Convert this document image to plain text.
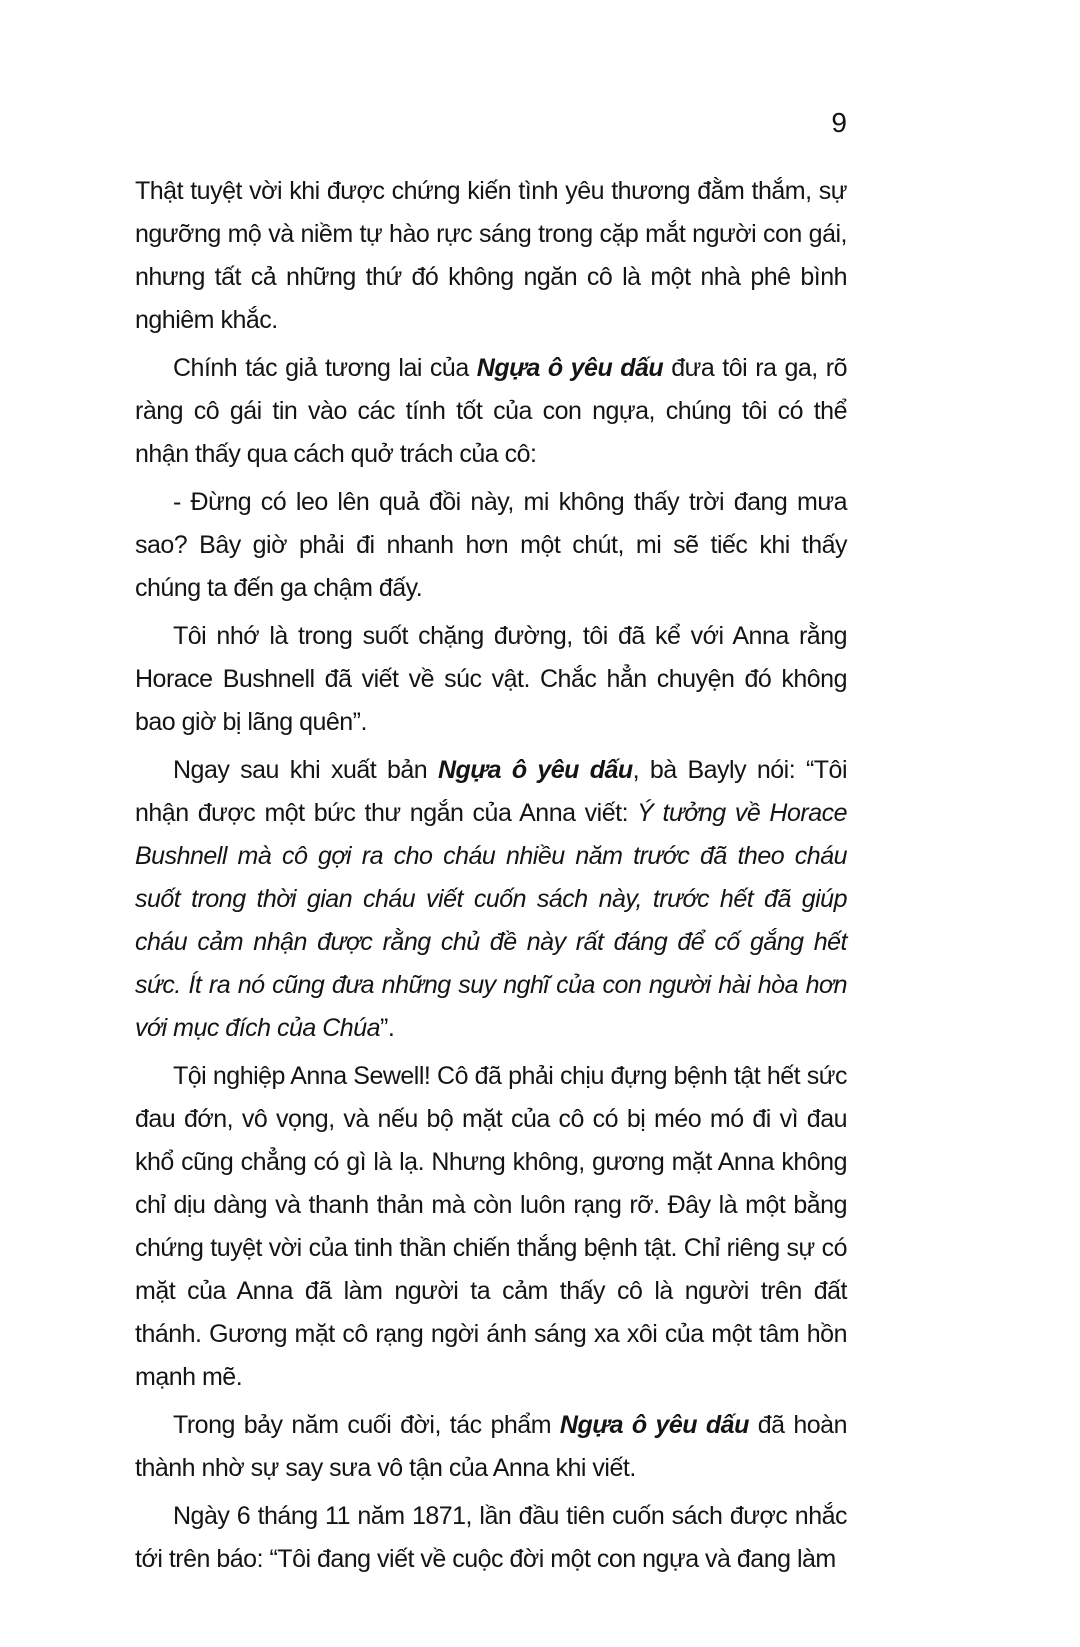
9

Thật tuyệt vời khi được chứng kiến tình yêu thương đằm thắm, sự ngưỡng mộ và niềm tự hào rực sáng trong cặp mắt người con gái, nhưng tất cả những thứ đó không ngăn cô là một nhà phê bình nghiêm khắc.

Chính tác giả tương lai của Ngựa ô yêu dấu đưa tôi ra ga, rõ ràng cô gái tin vào các tính tốt của con ngựa, chúng tôi có thể nhận thấy qua cách quở trách của cô:

- Đừng có leo lên quả đồi này, mi không thấy trời đang mưa sao? Bây giờ phải đi nhanh hơn một chút, mi sẽ tiếc khi thấy chúng ta đến ga chậm đấy.

Tôi nhớ là trong suốt chặng đường, tôi đã kể với Anna rằng Horace Bushnell đã viết về súc vật. Chắc hẳn chuyện đó không bao giờ bị lãng quên”.

Ngay sau khi xuất bản Ngựa ô yêu dấu, bà Bayly nói: “Tôi nhận được một bức thư ngắn của Anna viết: Ý tưởng về Horace Bushnell mà cô gợi ra cho cháu nhiều năm trước đã theo cháu suốt trong thời gian cháu viết cuốn sách này, trước hết đã giúp cháu cảm nhận được rằng chủ đề này rất đáng để cố gắng hết sức. Ít ra nó cũng đưa những suy nghĩ của con người hài hòa hơn với mục đích của Chúa”.

Tội nghiệp Anna Sewell! Cô đã phải chịu đựng bệnh tật hết sức đau đớn, vô vọng, và nếu bộ mặt của cô có bị méo mó đi vì đau khổ cũng chẳng có gì là lạ. Nhưng không, gương mặt Anna không chỉ dịu dàng và thanh thản mà còn luôn rạng rỡ. Đây là một bằng chứng tuyệt vời của tinh thần chiến thắng bệnh tật. Chỉ riêng sự có mặt của Anna đã làm người ta cảm thấy cô là người trên đất thánh. Gương mặt cô rạng ngời ánh sáng xa xôi của một tâm hồn mạnh mẽ.

Trong bảy năm cuối đời, tác phẩm Ngựa ô yêu dấu đã hoàn thành nhờ sự say sưa vô tận của Anna khi viết.

Ngày 6 tháng 11 năm 1871, lần đầu tiên cuốn sách được nhắc tới trên báo: “Tôi đang viết về cuộc đời một con ngựa và đang làm
